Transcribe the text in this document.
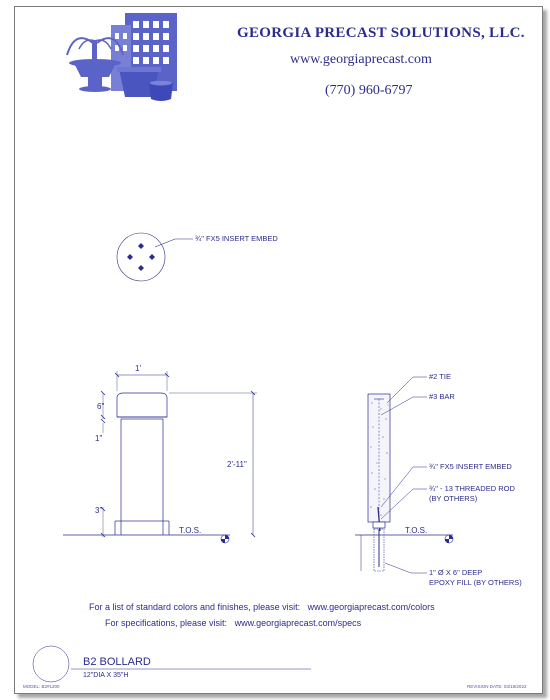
GEORGIA PRECAST SOLUTIONS, LLC.
www.georgiaprecast.com
(770) 960-6797
¾" FX5 INSERT EMBED
1'
6"
1"
2'-11"
3"
T.O.S.
#2 TIE
#3 BAR
¾" FX5 INSERT EMBED
¾" - 13 THREADED ROD
(BY OTHERS)
T.O.S.
1" Ø X 6" DEEP
EPOXY FILL (BY OTHERS)
For a list of standard colors and finishes, please visit: www.georgiaprecast.com/colors
For specifications, please visit: www.georgiaprecast.com/specs
B2 BOLLARD
12"DIA X 35"H
MODEL: B2#1200	REVISION DATE: 03/18/2022
